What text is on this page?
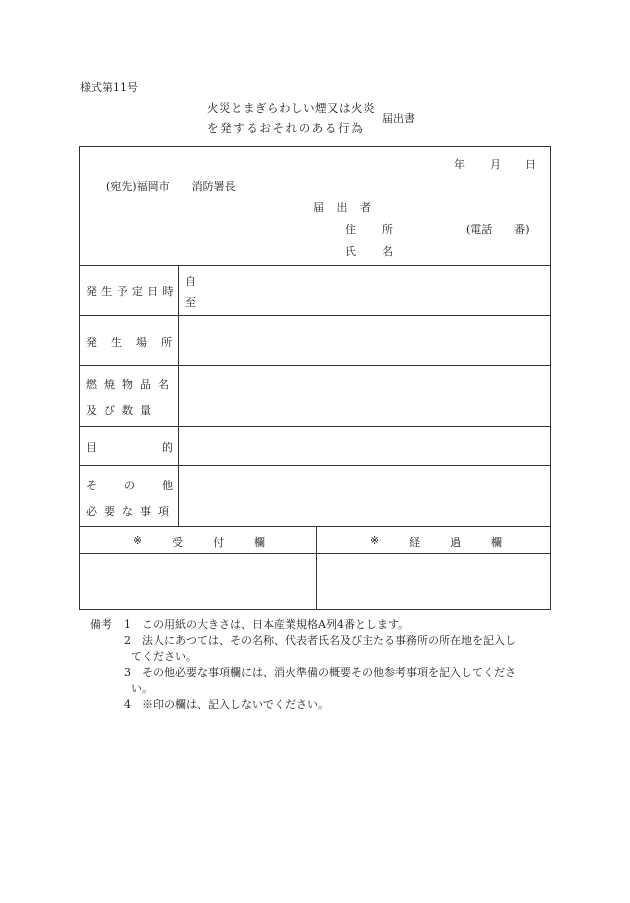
様式第11号
火災とまぎらわしい煙又は火炎
を発するおそれのある行為
届出書
年 月 日
(宛先)福岡市　　消防署長
届 出 者
住 所	(電話　　番)
氏 名
発生予定日時
自
至
発生場所
燃焼物品名
及び数量
目	的
そ の 他
必要な事項
※	受	付	欄	※	経	過	欄
備考 1 この用紙の大きさは、日本産業規格A列4番とします。
2 法人にあつては、その名称、代表者氏名及び主たる事務所の所在地を記入し
てください。
3 その他必要な事項欄には、消火準備の概要その他参考事項を記入してくださ
い。
4 ※印の欄は、記入しないでください。
